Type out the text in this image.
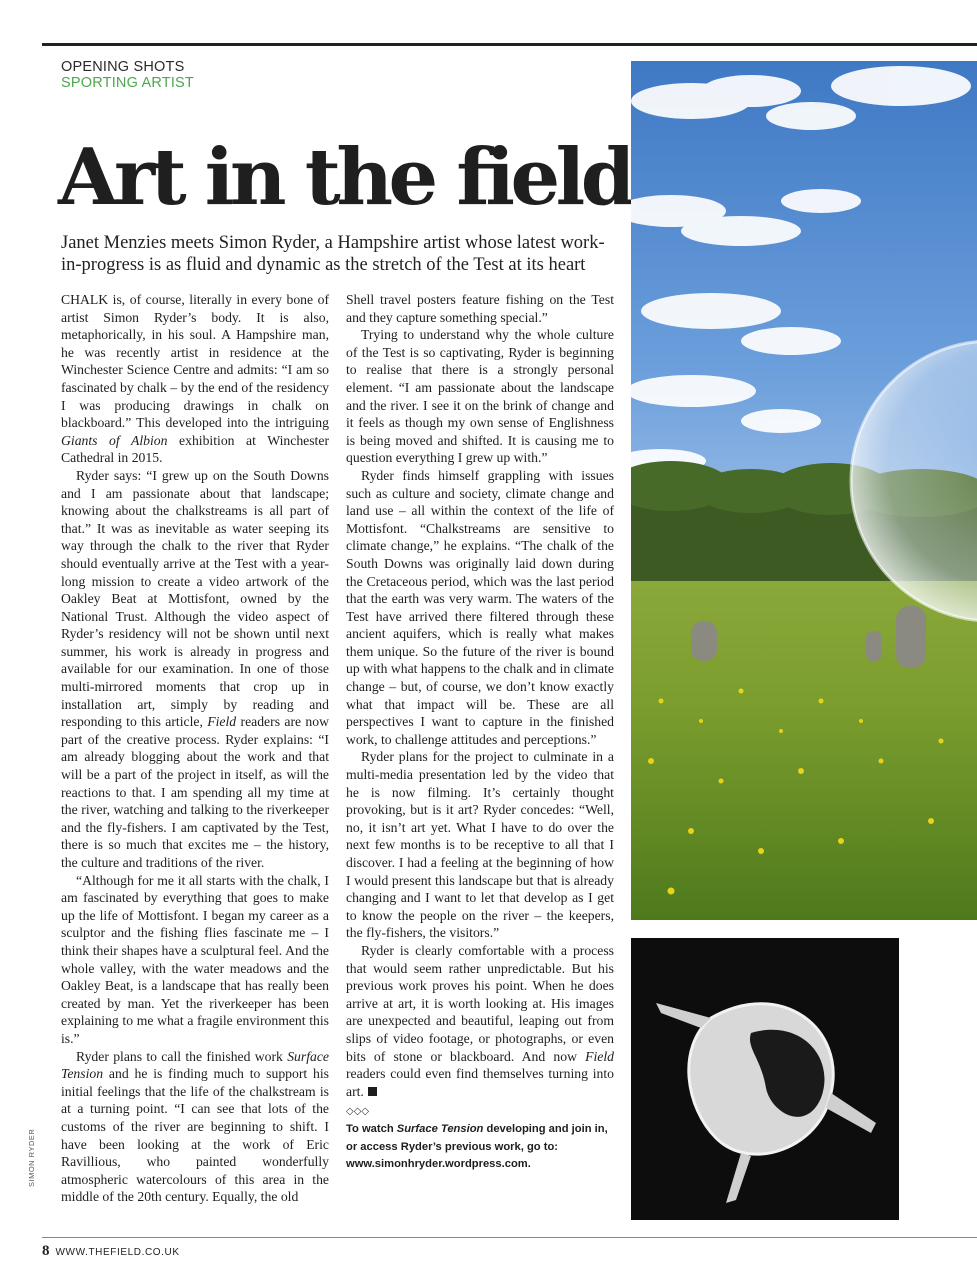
OPENING SHOTS
SPORTING ARTIST
Art in the field

Janet Menzies meets Simon Ryder, a Hampshire artist whose latest work-in-progress is as fluid and dynamic as the stretch of the Test at its heart

CHALK is, of course, literally in every bone of artist Simon Ryder’s body. It is also, metaphorically, in his soul. A Hampshire man, he was recently artist in residence at the Winchester Science Centre and admits: “I am so fascinated by chalk – by the end of the residency I was producing drawings in chalk on blackboard.” This developed into the intriguing Giants of Albion exhibition at Winchester Cathedral in 2015.

Ryder says: “I grew up on the South Downs and I am passionate about that landscape; knowing about the chalkstreams is all part of that.” It was as inevitable as water seeping its way through the chalk to the river that Ryder should eventually arrive at the Test with a year-long mission to create a video artwork of the Oakley Beat at Mottisfont, owned by the National Trust. Although the video aspect of Ryder’s residency will not be shown until next summer, his work is already in progress and available for our examination. In one of those multi-mirrored moments that crop up in installation art, simply by reading and responding to this article, Field readers are now part of the creative process. Ryder explains: “I am already blogging about the work and that will be a part of the project in itself, as will the reactions to that. I am spending all my time at the river, watching and talking to the riverkeeper and the fly-fishers. I am captivated by the Test, there is so much that excites me – the history, the culture and traditions of the river.

“Although for me it all starts with the chalk, I am fascinated by everything that goes to make up the life of Mottisfont. I began my career as a sculptor and the fishing flies fascinate me – I think their shapes have a sculptural feel. And the whole valley, with the water meadows and the Oakley Beat, is a landscape that has really been created by man. Yet the riverkeeper has been explaining to me what a fragile environment this is.”

Ryder plans to call the finished work Surface Tension and he is finding much to support his initial feelings that the life of the chalkstream is at a turning point. “I can see that lots of the customs of the river are beginning to shift. I have been looking at the work of Eric Ravillious, who painted wonderfully atmospheric watercolours of this area in the middle of the 20th century. Equally, the old

Shell travel posters feature fishing on the Test and they capture something special.”

Trying to understand why the whole culture of the Test is so captivating, Ryder is beginning to realise that there is a strongly personal element. “I am passionate about the landscape and the river. I see it on the brink of change and it feels as though my own sense of Englishness is being moved and shifted. It is causing me to question everything I grew up with.”

Ryder finds himself grappling with issues such as culture and society, climate change and land use – all within the context of the life of Mottisfont. “Chalkstreams are sensitive to climate change,” he explains. “The chalk of the South Downs was originally laid down during the Cretaceous period, which was the last period that the earth was very warm. The waters of the Test have arrived there filtered through these ancient aquifers, which is really what makes them unique. So the future of the river is bound up with what happens to the chalk and in climate change – but, of course, we don’t know exactly what that impact will be. These are all perspectives I want to capture in the finished work, to challenge attitudes and perceptions.”

Ryder plans for the project to culminate in a multi-media presentation led by the video that he is now filming. It’s certainly thought provoking, but is it art? Ryder concedes: “Well, no, it isn’t art yet. What I have to do over the next few months is to be receptive to all that I discover. I had a feeling at the beginning of how I would present this landscape but that is already changing and I want to let that develop as I get to know the people on the river – the keepers, the fly-fishers, the visitors.”

Ryder is clearly comfortable with a process that would seem rather unpredictable. But his previous work proves his point. When he does arrive at art, it is worth looking at. His images are unexpected and beautiful, leaping out from slips of video footage, or photographs, or even bits of stone or blackboard. And now Field readers could even find themselves turning into art.

◇◇◇
To watch Surface Tension developing and join in, or access Ryder’s previous work, go to:
www.simonhryder.wordpress.com.
SIMON RYDER
8 WWW.THEFIELD.CO.UK
